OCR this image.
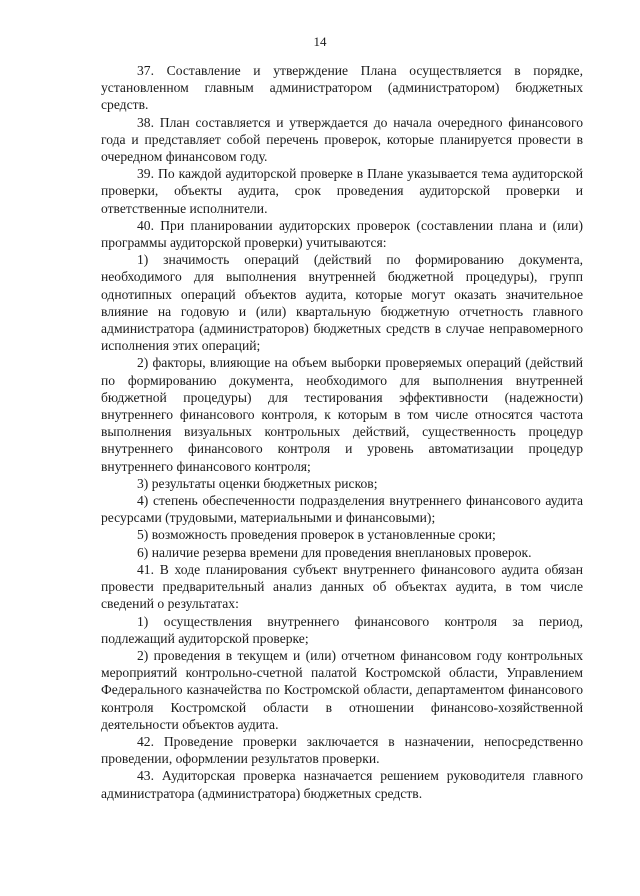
14

37. Составление и утверждение Плана осуществляется в порядке, установленном главным администратором (администратором) бюджетных средств.

38. План составляется и утверждается до начала очередного финансового года и представляет собой перечень проверок, которые планируется провести в очередном финансовом году.

39. По каждой аудиторской проверке в Плане указывается тема аудиторской проверки, объекты аудита, срок проведения аудиторской проверки и ответственные исполнители.

40. При планировании аудиторских проверок (составлении плана и (или) программы аудиторской проверки) учитываются:

1) значимость операций (действий по формированию документа, необходимого для выполнения внутренней бюджетной процедуры), групп однотипных операций объектов аудита, которые могут оказать значительное влияние на годовую и (или) квартальную бюджетную отчетность главного администратора (администраторов) бюджетных средств в случае неправомерного исполнения этих операций;

2) факторы, влияющие на объем выборки проверяемых операций (действий по формированию документа, необходимого для выполнения внутренней бюджетной процедуры) для тестирования эффективности (надежности) внутреннего финансового контроля, к которым в том числе относятся частота выполнения визуальных контрольных действий, существенность процедур внутреннего финансового контроля и уровень автоматизации процедур внутреннего финансового контроля;

3) результаты оценки бюджетных рисков;

4) степень обеспеченности подразделения внутреннего финансового аудита ресурсами (трудовыми, материальными и финансовыми);

5) возможность проведения проверок в установленные сроки;

6) наличие резерва времени для проведения внеплановых проверок.

41. В ходе планирования субъект внутреннего финансового аудита обязан провести предварительный анализ данных об объектах аудита, в том числе сведений о результатах:

1) осуществления внутреннего финансового контроля за период, подлежащий аудиторской проверке;

2) проведения в текущем и (или) отчетном финансовом году контрольных мероприятий контрольно-счетной палатой Костромской области, Управлением Федерального казначейства по Костромской области, департаментом финансового контроля Костромской области в отношении финансово-хозяйственной деятельности объектов аудита.

42. Проведение проверки заключается в назначении, непосредственно проведении, оформлении результатов проверки.

43. Аудиторская проверка назначается решением руководителя главного администратора (администратора) бюджетных средств.
